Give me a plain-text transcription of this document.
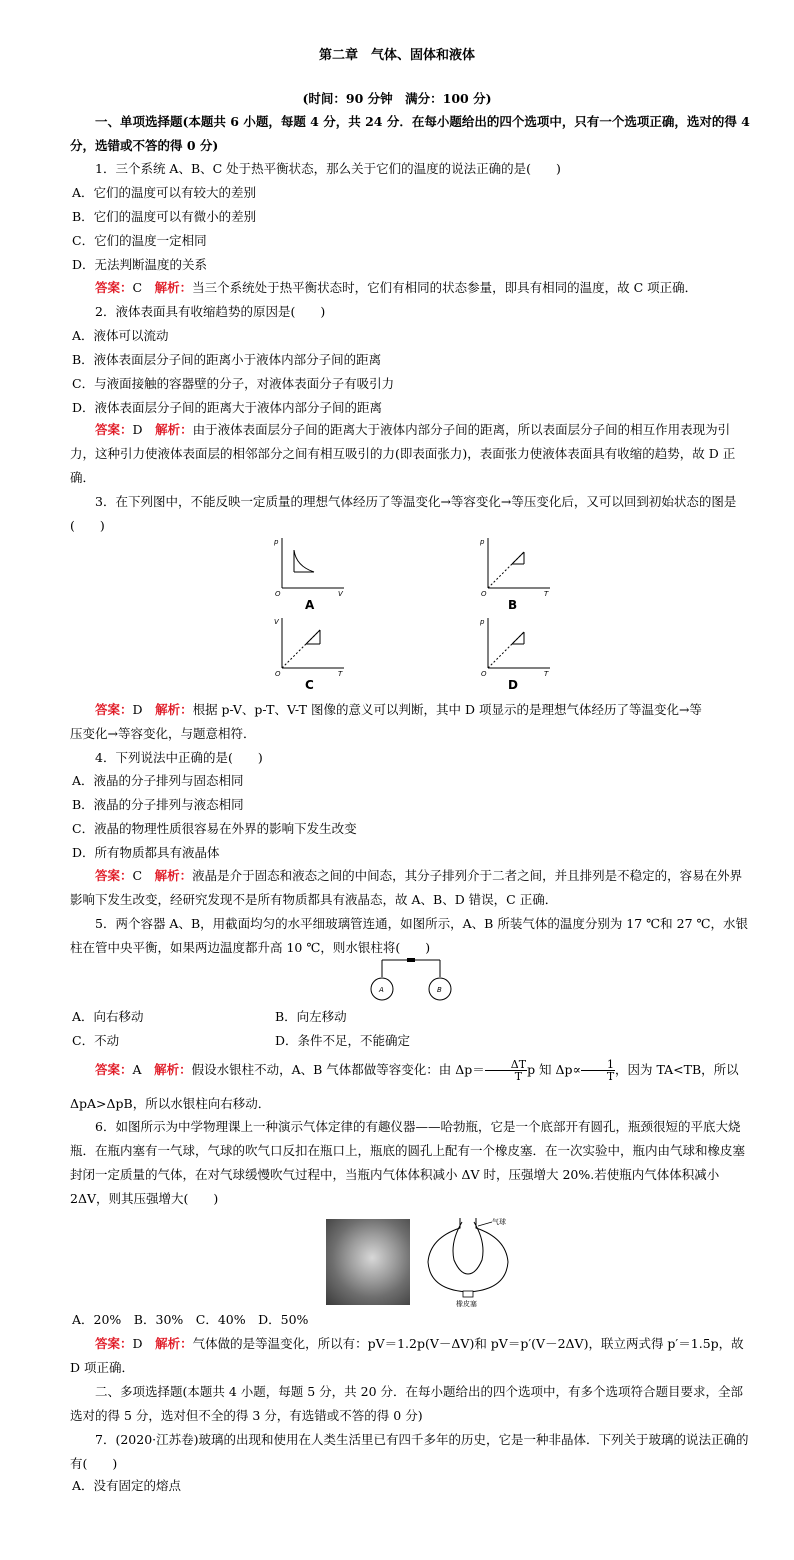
第二章　气体、固体和液体
(时间：90 分钟　满分：100 分)
一、单项选择题(本题共 6 小题，每题 4 分，共 24 分．在每小题给出的四个选项中，只有一个选项正确，选对的得 4 分，选错或不答的得 0 分)
1．三个系统 A、B、C 处于热平衡状态，那么关于它们的温度的说法正确的是(　　)
A．它们的温度可以有较大的差别
B．它们的温度可以有微小的差别
C．它们的温度一定相同
D．无法判断温度的关系
答案：C　 解析：当三个系统处于热平衡状态时，它们有相同的状态参量，即具有相同的温度，故 C 项正确．
2．液体表面具有收缩趋势的原因是(　　)
A．液体可以流动
B．液体表面层分子间的距离小于液体内部分子间的距离
C．与液面接触的容器壁的分子，对液体表面分子有吸引力
D．液体表面层分子间的距离大于液体内部分子间的距离
答案：D　 解析：由于液体表面层分子间的距离大于液体内部分子间的距离，所以表面层分子间的相互作用表现为引力，这种引力使液体表面层的相邻部分之间有相互吸引的力(即表面张力)，表面张力使液体表面具有收缩的趋势，故 D 正确．
3．在下列图中，不能反映一定质量的理想气体经历了等温变化→等容变化→等压变化后，又可以回到初始状态的图是(　　)
p
V
O
A
p
T
O
B
V
T
O
C
p
T
O
D
答案：D　 解析：根据 p-V、p-T、V-T 图像的意义可以判断，其中 D 项显示的是理想气体经历了等温变化→等
压变化→等容变化，与题意相符．
4．下列说法中正确的是(　　)
A．液晶的分子排列与固态相同
B．液晶的分子排列与液态相同
C．液晶的物理性质很容易在外界的影响下发生改变
D．所有物质都具有液晶体
答案：C　 解析：液晶是介于固态和液态之间的中间态，其分子排列介于二者之间，并且排列是不稳定的，容易在外界影响下发生改变，经研究发现不是所有物质都具有液晶态，故 A、B、D 错误，C 正确．
5．两个容器 A、B，用截面均匀的水平细玻璃管连通，如图所示，A、B 所装气体的温度分别为 17 ℃和 27 ℃，水银柱在管中央平衡，如果两边温度都升高 10 ℃，则水银柱将(　　)
A	B
A．向右移动	B．向左移动
C．不动	D．条件不足，不能确定
答案：A　 解析：假设水银柱不动，A、B 气体都做等容变化：由 $\Delta p= \frac{\Delta T}{T}$ p 知 $\Delta p\propto \frac{1}{T}$ ，因为 TA<TB，所以
ΔpA>ΔpB，所以水银柱向右移动．
6．如图所示为中学物理课上一种演示气体定律的有趣仪器——哈勃瓶，它是一个底部开有圆孔，瓶颈很短的平底大烧瓶．在瓶内塞有一气球，气球的吹气口反扣在瓶口上，瓶底的圆孔上配有一个橡皮塞．在一次实验中，瓶内由气球和橡皮塞封闭一定质量的气体，在对气球缓慢吹气过程中，当瓶内气体体积减小 ΔV 时，压强增大 20%.若使瓶内气体体积减小 2ΔV，则其压强增大(　　)
气球
橡皮塞
A．20%　B．30%　C．40%　D．50%
答案：D　 解析：气体做的是等温变化，所以有：pV＝1.2p(V－ΔV)和 pV＝p′(V－2ΔV)，联立两式得 p′＝1.5p，故 D 项正确．
二、多项选择题(本题共 4 小题，每题 5 分，共 20 分．在每小题给出的四个选项中，有多个选项符合题目要求，全部选对的得 5 分，选对但不全的得 3 分，有选错或不答的得 0 分)
7．(2020·江苏卷)玻璃的出现和使用在人类生活里已有四千多年的历史，它是一种非晶体．下列关于玻璃的说法正确的有(　　)
A．没有固定的熔点
